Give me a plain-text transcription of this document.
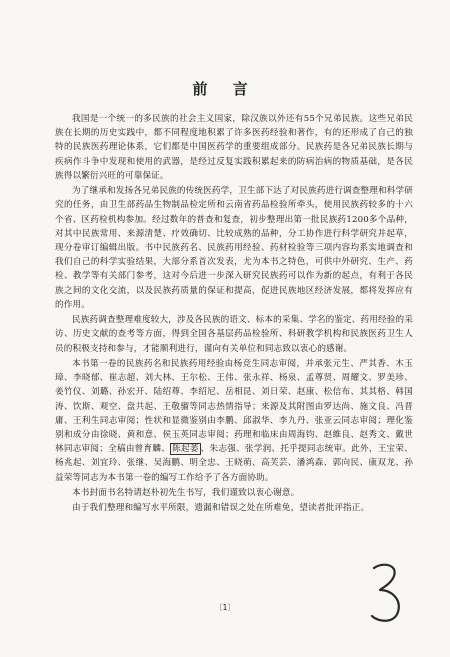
前 言

我国是一个统一的多民族的社会主义国家，除汉族以外还有55个兄弟民族。这些兄弟民族在长期的历史实践中，都不同程度地积累了许多医药经验和著作，有的还形成了自己的独特的民族医药理论体系，它们都是中国医药学的重要组成部分。民族药是各兄弟民族长期与疾病作斗争中发现和使用的武器，是经过反复实践积累起来的防病治病的物质基础，是各民族得以繁衍兴旺的可靠保证。

为了继承和发扬各兄弟民族的传统医药学，卫生部下达了对民族药进行调查整理和科学研究的任务，由卫生部药品生物制品检定所和云南省药品检验所牵头，使用民族药较多的十六个省、区药检机构参加。经过数年的普查和复查，初步整理出第一批民族药1200多个品种，对其中民族常用、来源清楚、疗效确切、比较成熟的品种，分工协作进行科学研究并起草，现分卷审订编辑出版。书中民族药名、民族药用经验、药材检验等三项内容均系实地调查和我们自己的科学实验结果，大部分系首次发表，尤为本书之特色，可供中外研究、生产、药检、教学等有关部门参考，这对今后进一步深入研究民族药可以作为新的起点，有利于各民族之间的文化交流，以及民族药质量的保证和提高，促进民族地区经济发展，都将发挥应有的作用。

民族药调查整理难度较大，涉及各民族的语文、标本的采集、学名的鉴定、药用经验的采访、历史文献的查考等方面，得到全国各基层药品检验所、科研教学机构和民族医药卫生人员的积极支持和参与，才能顺利进行，谨向有关单位和同志致以衷心的感谢。

本书第一卷的民族药名和民族药用经验由杨竞生同志审阅，并承张元生、严其香、木玉璋、李晓郁、崔志超、刘大林、王尔松、王伟、张永祥、杨泉、孟尊贤、周耀文、罗美珍、姜竹仪、刘璐、孙宏开、陆绍尊、李绍尼、岳相昆、刘日荣、赵康、松信布、其其格、韩国涛、饮斯、观空、盘共起、王敬骝等同志热情指导；来源及其附图由罗达尚、施文良、冯晋庸、王利生同志审阅；性状和显微鉴别由李鹏、邱淑华、李九丹、张亚云同志审阅；理化鉴别和成分由徐晓、黄和意、侯玉英同志审阅；药理和临床由周海钧、赵維良、赵秀文、戴世林同志审阅；全稿由曾育麟、 陈起萎 、朱志强、张学润、托乎提同志统审。此外，王宝荣、杨兆起、刘宜玲、张继、吴海鹏、明全忠、王晓萌、高芙芸、潘鸿森、郭向民、康双龙、孙益荣等同志为本书第一卷的编写工作给予了各方面协助。

本书封面书名特请赵朴初先生书写，我们谨致以衷心谢意。

由于我们整理和编写水平所限，遗漏和错误之处在所难免，望读者批评指正。

〔1〕
